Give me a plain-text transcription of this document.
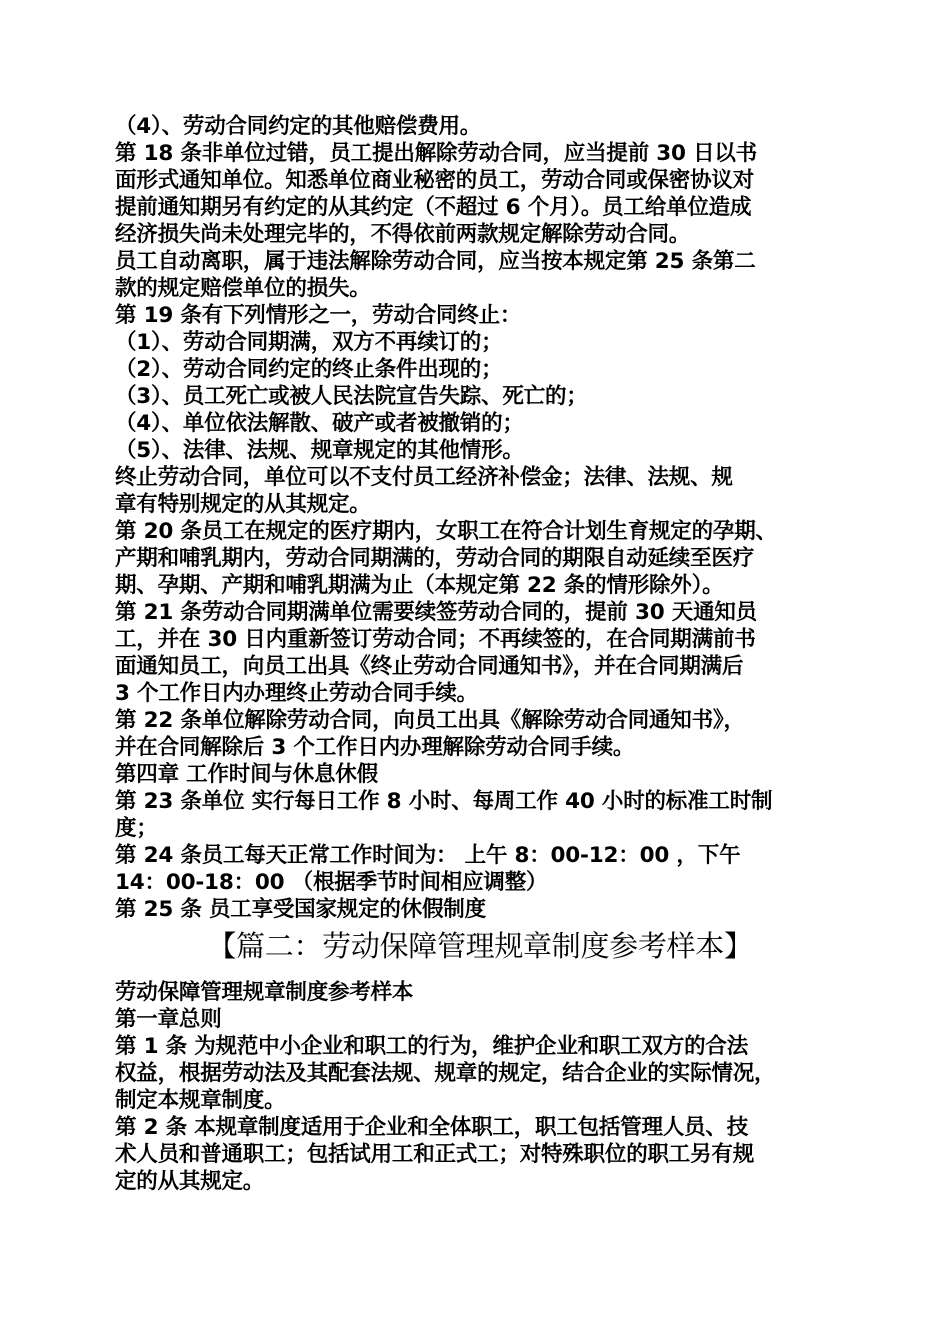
（4）、劳动合同约定的其他赔偿费用。
第 18 条非单位过错，员工提出解除劳动合同，应当提前 30 日以书
面形式通知单位。知悉单位商业秘密的员工，劳动合同或保密协议对
提前通知期另有约定的从其约定（不超过 6 个月）。员工给单位造成
经济损失尚未处理完毕的，不得依前两款规定解除劳动合同。
员工自动离职，属于违法解除劳动合同，应当按本规定第 25 条第二
款的规定赔偿单位的损失。
第 19 条有下列情形之一，劳动合同终止：
（1）、劳动合同期满，双方不再续订的；
（2）、劳动合同约定的终止条件出现的；
（3）、员工死亡或被人民法院宣告失踪、死亡的；
（4）、单位依法解散、破产或者被撤销的；
（5）、法律、法规、规章规定的其他情形。
终止劳动合同，单位可以不支付员工经济补偿金；法律、法规、规
章有特别规定的从其规定。
第 20 条员工在规定的医疗期内，女职工在符合计划生育规定的孕期、
产期和哺乳期内，劳动合同期满的，劳动合同的期限自动延续至医疗
期、孕期、产期和哺乳期满为止（本规定第 22 条的情形除外）。
第 21 条劳动合同期满单位需要续签劳动合同的，提前 30 天通知员
工，并在 30 日内重新签订劳动合同；不再续签的，在合同期满前书
面通知员工，向员工出具《终止劳动合同通知书》，并在合同期满后
3 个工作日内办理终止劳动合同手续。
第 22 条单位解除劳动合同，向员工出具《解除劳动合同通知书》，
并在合同解除后 3 个工作日内办理解除劳动合同手续。
第四章 工作时间与休息休假
第 23 条单位 实行每日工作 8 小时、每周工作 40 小时的标准工时制
度；
第 24 条员工每天正常工作时间为： 上午 8：00-12：00 ，下午
14：00-18：00 （根据季节时间相应调整）
第 25 条 员工享受国家规定的休假制度
【篇二：劳动保障管理规章制度参考样本】
劳动保障管理规章制度参考样本
第一章总则
第 1 条 为规范中小企业和职工的行为，维护企业和职工双方的合法
权益，根据劳动法及其配套法规、规章的规定，结合企业的实际情况，
制定本规章制度。
第 2 条 本规章制度适用于企业和全体职工，职工包括管理人员、技
术人员和普通职工；包括试用工和正式工；对特殊职位的职工另有规
定的从其规定。
